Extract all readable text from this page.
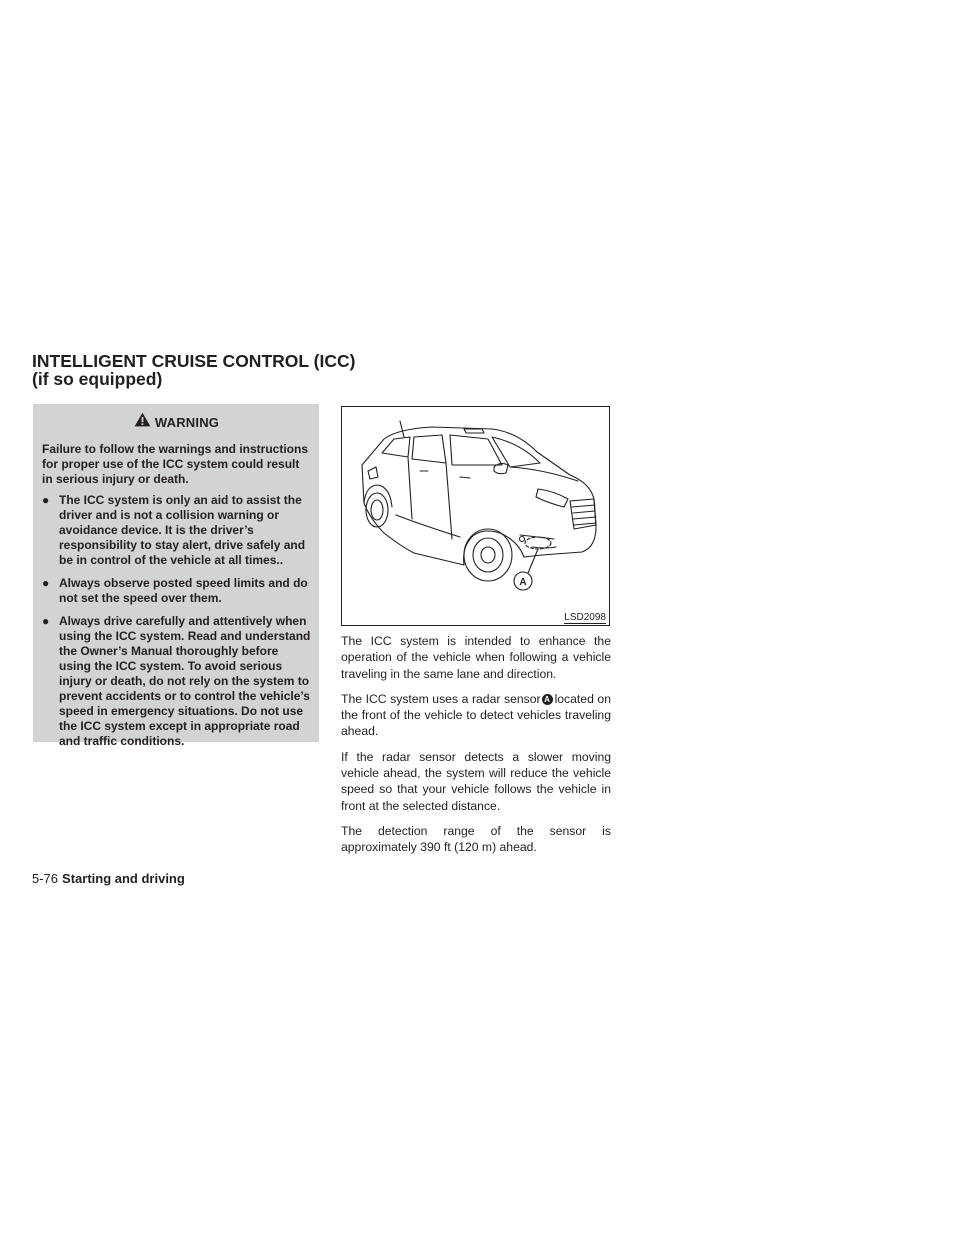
INTELLIGENT CRUISE CONTROL (ICC)
(if so equipped)
WARNING

Failure to follow the warnings and instructions for proper use of the ICC system could result in serious injury or death.

● The ICC system is only an aid to assist the driver and is not a collision warning or avoidance device. It is the driver’s responsibility to stay alert, drive safely and be in control of the vehicle at all times..
● Always observe posted speed limits and do not set the speed over them.
● Always drive carefully and attentively when using the ICC system. Read and understand the Owner’s Manual thoroughly before using the ICC system. To avoid serious injury or death, do not rely on the system to prevent accidents or to control the vehicle’s speed in emergency situations. Do not use the ICC system except in appropriate road and traffic conditions.
A
LSD2098

The ICC system is intended to enhance the operation of the vehicle when following a vehicle traveling in the same lane and direction.

The ICC system uses a radar sensor A located on the front of the vehicle to detect vehicles traveling ahead.

If the radar sensor detects a slower moving vehicle ahead, the system will reduce the vehicle speed so that your vehicle follows the vehicle in front at the selected distance.

The detection range of the sensor is approximately 390 ft (120 m) ahead.

5-76 Starting and driving
